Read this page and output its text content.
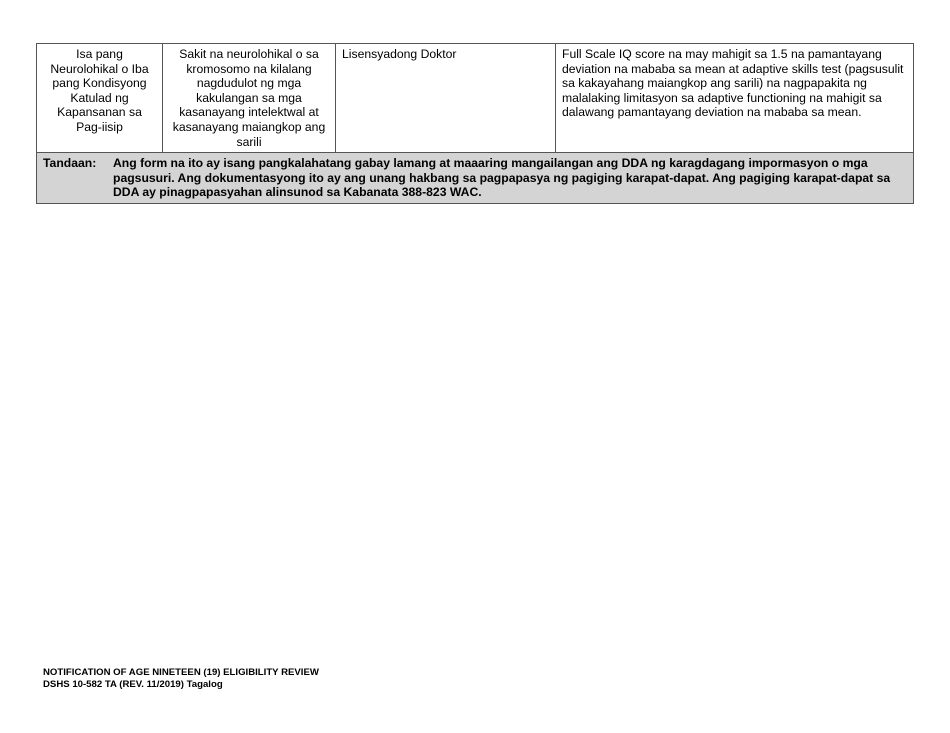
Isa pang Neurolohikal o Iba pang Kondisyong Katulad ng Kapansanan sa Pag-iisip	Sakit na neurolohikal o sa kromosomo na kilalang nagdudulot ng mga kakulangan sa mga kasanayang intelektwal at kasanayang maiangkop ang sarili	Lisensyadong Doktor	Full Scale IQ score na may mahigit sa 1.5 na pamantayang deviation na mababa sa mean at adaptive skills test (pagsusulit sa kakayahang maiangkop ang sarili) na nagpapakita ng malalaking limitasyon sa adaptive functioning na mahigit sa dalawang pamantayang deviation na mababa sa mean.

Tandaan:	Ang form na ito ay isang pangkalahatang gabay lamang at maaaring mangailangan ang DDA ng karagdagang impormasyon o mga pagsusuri. Ang dokumentasyong ito ay ang unang hakbang sa pagpapasya ng pagiging karapat-dapat. Ang pagiging karapat-dapat sa DDA ay pinagpapasyahan alinsunod sa Kabanata 388-823 WAC.
NOTIFICATION OF AGE NINETEEN (19) ELIGIBILITY REVIEW
DSHS 10-582 TA (REV. 11/2019) Tagalog
